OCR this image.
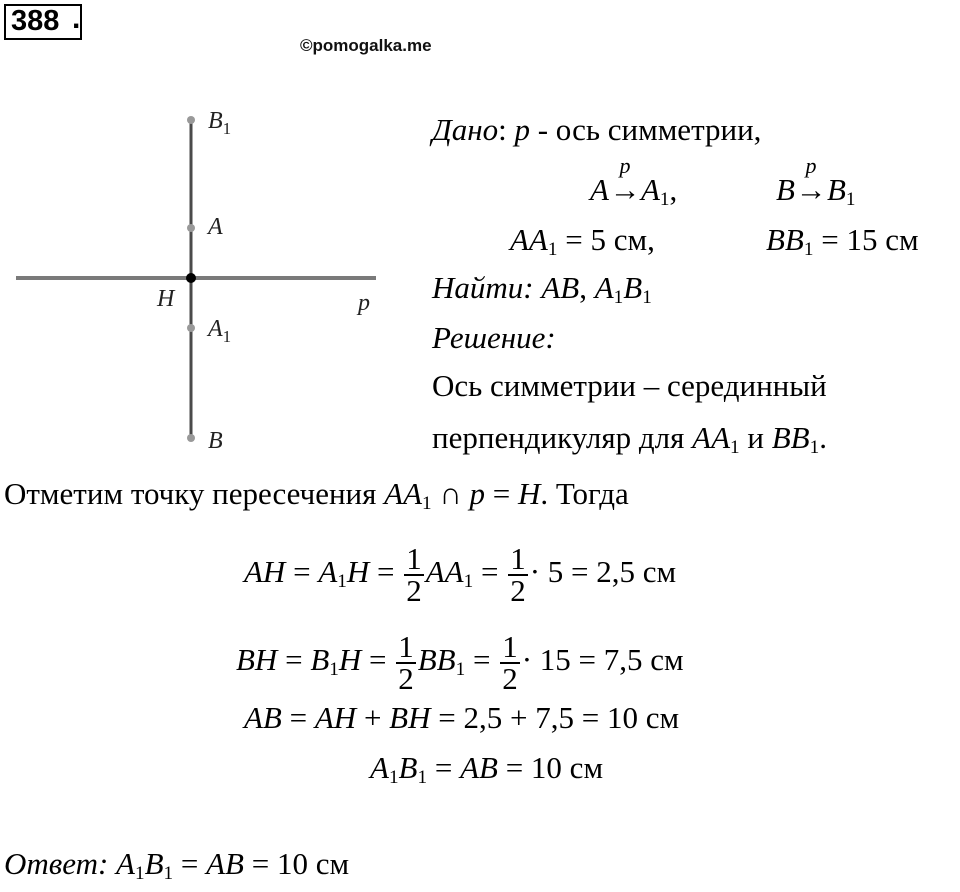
388 .
©pomogalka.me
$B_1$
A
H	p
$A_1$
B
Дано: p - ось симметрии,
A→
p
$A_1$,	B→
p
$B_1$
$AA_1 = 5$ см,	$BB_1 = 15$ см
Найти: AB, $A_1B_1$
Решение:
Ось симметрии – серединный
перпендикуляр для $AA_1$ и $BB_1$.
Отметим точку пересечения $AA_1$ ∩ p = H. Тогда
AH = $A_1H = \frac{1}{2} AA_1 = \frac{1}{2} \cdot 5 = 2,5$ см
BH = $B_1H = \frac{1}{2} BB_1 = \frac{1}{2} \cdot 15 = 7,5$ см
AB = AH + BH = 2,5 + 7,5 = 10 см
$A_1B_1$ = AB = 10 см
Ответ: $A_1B_1$ = AB = 10 см
